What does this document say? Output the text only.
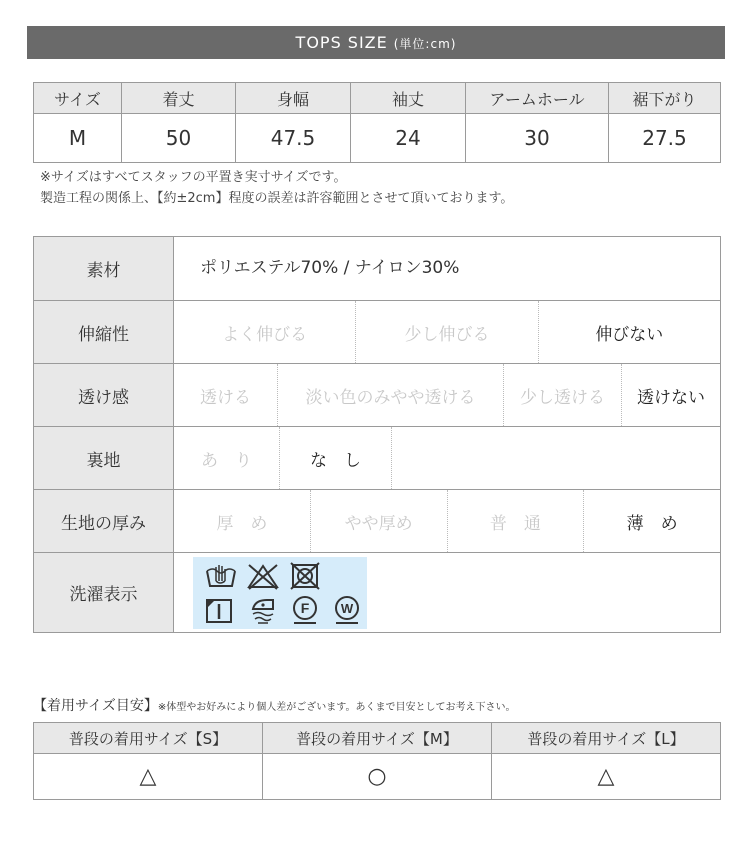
TOPS SIZE (単位:cm)
サイズ	着丈	身幅	袖丈	アームホール	裾下がり
M	50	47.5	24	30	27.5
※サイズはすべてスタッフの平置き実寸サイズです。
製造工程の関係上、【約±2cm】程度の誤差は許容範囲とさせて頂いております。
素材	ポリエステル70% / ナイロン30%

伸縮性	よく伸びる 少し伸びる 伸びない

透け感	透ける 淡い色のみやや透ける 少し透ける 透けない

裏地	あ　り な　し

生地の厚み	厚　め やや厚め 普　通 薄　め

洗濯表示	F W
【着用サイズ目安】※体型やお好みにより個人差がございます。あくまで目安としてお考え下さい。
普段の着用サイズ【S】	普段の着用サイズ【M】	普段の着用サイズ【L】
△	○	△
